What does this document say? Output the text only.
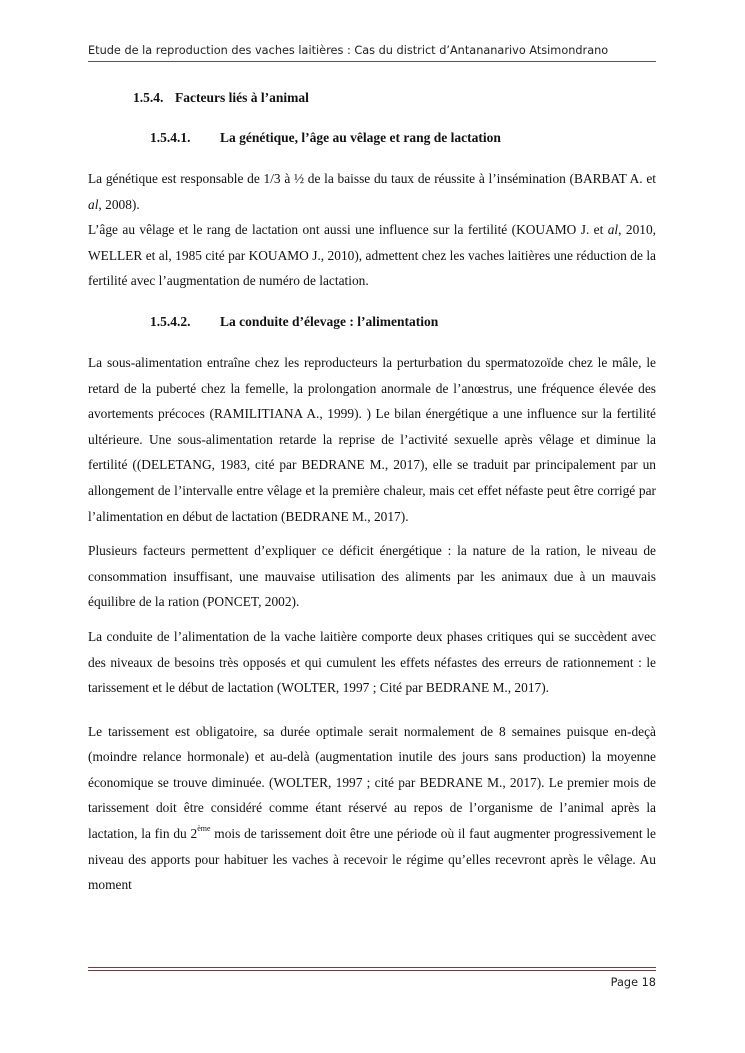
Etude de la reproduction des vaches laitières : Cas du district d’Antananarivo Atsimondrano
1.5.4. Facteurs liés à l’animal
1.5.4.1. La génétique, l’âge au vêlage et rang de lactation

La génétique est responsable de 1/3 à ½ de la baisse du taux de réussite à l’insémination (BARBAT A. et al, 2008).

L’âge au vêlage et le rang de lactation ont aussi une influence sur la fertilité (KOUAMO J. et al, 2010, WELLER et al, 1985 cité par KOUAMO J., 2010), admettent chez les vaches laitières une réduction de la fertilité avec l’augmentation de numéro de lactation.

1.5.4.2. La conduite d’élevage : l’alimentation

La sous-alimentation entraîne chez les reproducteurs la perturbation du spermatozoïde chez le mâle, le retard de la puberté chez la femelle, la prolongation anormale de l’anœstrus, une fréquence élevée des avortements précoces (RAMILITIANA A., 1999). ) Le bilan énergétique a une influence sur la fertilité ultérieure. Une sous-alimentation retarde la reprise de l’activité sexuelle après vêlage et diminue la fertilité ((DELETANG, 1983, cité par BEDRANE M., 2017), elle se traduit par principalement par un allongement de l’intervalle entre vêlage et la première chaleur, mais cet effet néfaste peut être corrigé par l’alimentation en début de lactation (BEDRANE M., 2017).

Plusieurs facteurs permettent d’expliquer ce déficit énergétique : la nature de la ration, le niveau de consommation insuffisant, une mauvaise utilisation des aliments par les animaux due à un mauvais équilibre de la ration (PONCET, 2002).

La conduite de l’alimentation de la vache laitière comporte deux phases critiques qui se succèdent avec des niveaux de besoins très opposés et qui cumulent les effets néfastes des erreurs de rationnement : le tarissement et le début de lactation (WOLTER, 1997 ; Cité par BEDRANE M., 2017).

Le tarissement est obligatoire, sa durée optimale serait normalement de 8 semaines puisque en-deçà (moindre relance hormonale) et au-delà (augmentation inutile des jours sans production) la moyenne économique se trouve diminuée. (WOLTER, 1997 ; cité par BEDRANE M., 2017). Le premier mois de tarissement doit être considéré comme étant réservé au repos de l’organisme de l’animal après la lactation, la fin du 2ème mois de tarissement doit être une période où il faut augmenter progressivement le niveau des apports pour habituer les vaches à recevoir le régime qu’elles recevront après le vêlage. Au moment

Page 18
